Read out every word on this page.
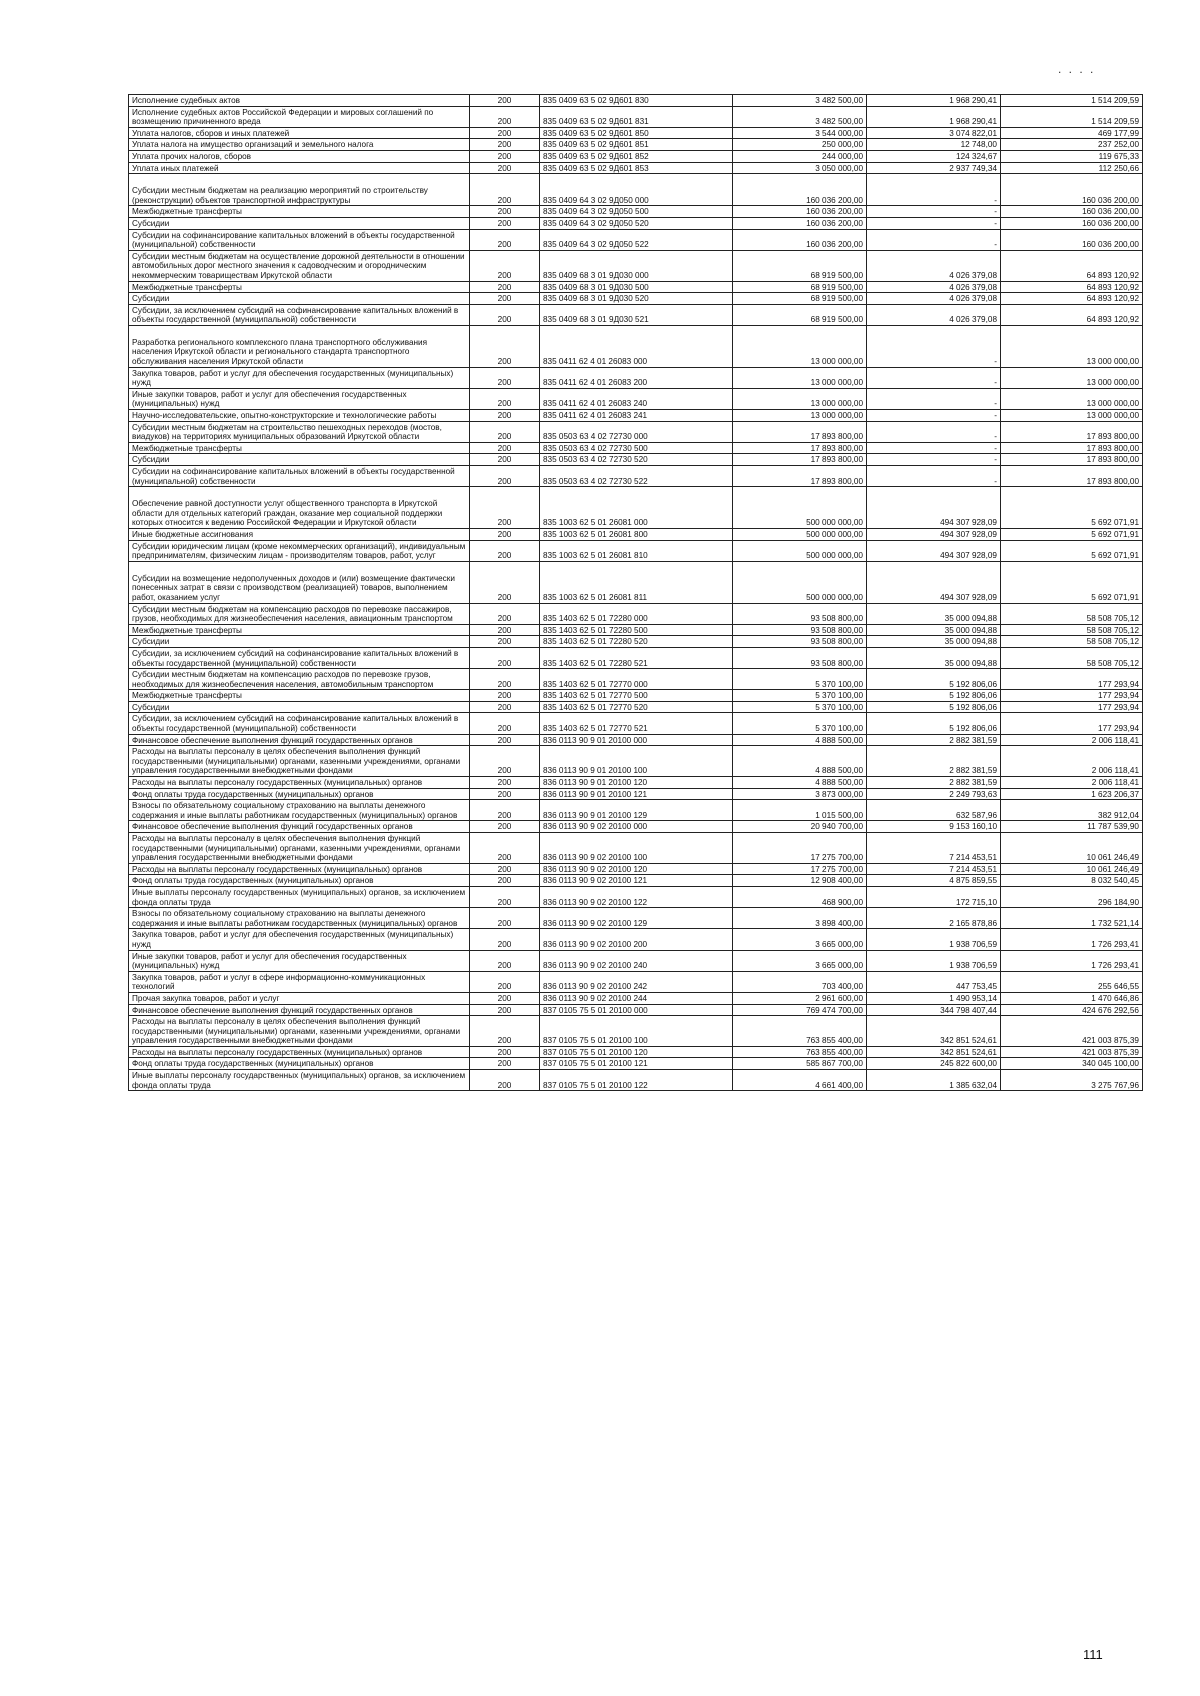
. . . .
Исполнение судебных актов	200	835 0409 63 5 02 9Д601 830	3 482 500,00	1 968 290,41	1 514 209,59
Исполнение судебных актов Российской Федерации и мировых соглашений по возмещению причиненного вреда	200	835 0409 63 5 02 9Д601 831	3 482 500,00	1 968 290,41	1 514 209,59
Уплата налогов, сборов и иных платежей	200	835 0409 63 5 02 9Д601 850	3 544 000,00	3 074 822,01	469 177,99
Уплата налога на имущество организаций и земельного налога	200	835 0409 63 5 02 9Д601 851	250 000,00	12 748,00	237 252,00
Уплата прочих налогов, сборов	200	835 0409 63 5 02 9Д601 852	244 000,00	124 324,67	119 675,33
Уплата иных платежей	200	835 0409 63 5 02 9Д601 853	3 050 000,00	2 937 749,34	112 250,66
Субсидии местным бюджетам на реализацию мероприятий по строительству (реконструкции) объектов транспортной инфраструктуры	200	835 0409 64 3 02 9Д050 000	160 036 200,00	-	160 036 200,00
Межбюджетные трансферты	200	835 0409 64 3 02 9Д050 500	160 036 200,00	-	160 036 200,00
Субсидии	200	835 0409 64 3 02 9Д050 520	160 036 200,00	-	160 036 200,00
Субсидии на софинансирование капитальных вложений в объекты государственной (муниципальной) собственности	200	835 0409 64 3 02 9Д050 522	160 036 200,00	-	160 036 200,00
Субсидии местным бюджетам на осуществление дорожной деятельности в отношении автомобильных дорог местного значения к садоводческим и огородническим некоммерческим товариществам Иркутской области	200	835 0409 68 3 01 9Д030 000	68 919 500,00	4 026 379,08	64 893 120,92
Межбюджетные трансферты	200	835 0409 68 3 01 9Д030 500	68 919 500,00	4 026 379,08	64 893 120,92
Субсидии	200	835 0409 68 3 01 9Д030 520	68 919 500,00	4 026 379,08	64 893 120,92
Субсидии, за исключением субсидий на софинансирование капитальных вложений в объекты государственной (муниципальной) собственности	200	835 0409 68 3 01 9Д030 521	68 919 500,00	4 026 379,08	64 893 120,92
Разработка регионального комплексного плана транспортного обслуживания населения Иркутской области и регионального стандарта транспортного обслуживания населения Иркутской области	200	835 0411 62 4 01 26083 000	13 000 000,00	-	13 000 000,00
Закупка товаров, работ и услуг для обеспечения государственных (муниципальных) нужд	200	835 0411 62 4 01 26083 200	13 000 000,00	-	13 000 000,00
Иные закупки товаров, работ и услуг для обеспечения государственных (муниципальных) нужд	200	835 0411 62 4 01 26083 240	13 000 000,00	-	13 000 000,00
Научно-исследовательские, опытно-конструкторские и технологические работы	200	835 0411 62 4 01 26083 241	13 000 000,00	-	13 000 000,00
Субсидии местным бюджетам на строительство пешеходных переходов (мостов, виадуков) на территориях муниципальных образований Иркутской области	200	835 0503 63 4 02 72730 000	17 893 800,00	-	17 893 800,00
Межбюджетные трансферты	200	835 0503 63 4 02 72730 500	17 893 800,00	-	17 893 800,00
Субсидии	200	835 0503 63 4 02 72730 520	17 893 800,00	-	17 893 800,00
Субсидии на софинансирование капитальных вложений в объекты государственной (муниципальной) собственности	200	835 0503 63 4 02 72730 522	17 893 800,00	-	17 893 800,00
Обеспечение равной доступности услуг общественного транспорта в Иркутской области для отдельных категорий граждан, оказание мер социальной поддержки которых относится к ведению Российской Федерации и Иркутской области	200	835 1003 62 5 01 26081 000	500 000 000,00	494 307 928,09	5 692 071,91
Иные бюджетные ассигнования	200	835 1003 62 5 01 26081 800	500 000 000,00	494 307 928,09	5 692 071,91
Субсидии юридическим лицам (кроме некоммерческих организаций), индивидуальным предпринимателям, физическим лицам - производителям товаров, работ, услуг	200	835 1003 62 5 01 26081 810	500 000 000,00	494 307 928,09	5 692 071,91
Субсидии на возмещение недополученных доходов и (или) возмещение фактически понесенных затрат в связи с производством (реализацией) товаров, выполнением работ, оказанием услуг	200	835 1003 62 5 01 26081 811	500 000 000,00	494 307 928,09	5 692 071,91
Субсидии местным бюджетам на компенсацию расходов по перевозке пассажиров, грузов, необходимых для жизнеобеспечения населения, авиационным транспортом	200	835 1403 62 5 01 72280 000	93 508 800,00	35 000 094,88	58 508 705,12
Межбюджетные трансферты	200	835 1403 62 5 01 72280 500	93 508 800,00	35 000 094,88	58 508 705,12
Субсидии	200	835 1403 62 5 01 72280 520	93 508 800,00	35 000 094,88	58 508 705,12
Субсидии, за исключением субсидий на софинансирование капитальных вложений в объекты государственной (муниципальной) собственности	200	835 1403 62 5 01 72280 521	93 508 800,00	35 000 094,88	58 508 705,12
Субсидии местным бюджетам на компенсацию расходов по перевозке грузов, необходимых для жизнеобеспечения населения, автомобильным транспортом	200	835 1403 62 5 01 72770 000	5 370 100,00	5 192 806,06	177 293,94
Межбюджетные трансферты	200	835 1403 62 5 01 72770 500	5 370 100,00	5 192 806,06	177 293,94
Субсидии	200	835 1403 62 5 01 72770 520	5 370 100,00	5 192 806,06	177 293,94
Субсидии, за исключением субсидий на софинансирование капитальных вложений в объекты государственной (муниципальной) собственности	200	835 1403 62 5 01 72770 521	5 370 100,00	5 192 806,06	177 293,94
Финансовое обеспечение выполнения функций государственных органов	200	836 0113 90 9 01 20100 000	4 888 500,00	2 882 381,59	2 006 118,41
Расходы на выплаты персоналу в целях обеспечения выполнения функций государственными (муниципальными) органами, казенными учреждениями, органами управления государственными внебюджетными фондами	200	836 0113 90 9 01 20100 100	4 888 500,00	2 882 381,59	2 006 118,41
Расходы на выплаты персоналу государственных (муниципальных) органов	200	836 0113 90 9 01 20100 120	4 888 500,00	2 882 381,59	2 006 118,41
Фонд оплаты труда государственных (муниципальных) органов	200	836 0113 90 9 01 20100 121	3 873 000,00	2 249 793,63	1 623 206,37
Взносы по обязательному социальному страхованию на выплаты денежного содержания и иные выплаты работникам государственных (муниципальных) органов	200	836 0113 90 9 01 20100 129	1 015 500,00	632 587,96	382 912,04
Финансовое обеспечение выполнения функций государственных органов	200	836 0113 90 9 02 20100 000	20 940 700,00	9 153 160,10	11 787 539,90
Расходы на выплаты персоналу в целях обеспечения выполнения функций государственными (муниципальными) органами, казенными учреждениями, органами управления государственными внебюджетными фондами	200	836 0113 90 9 02 20100 100	17 275 700,00	7 214 453,51	10 061 246,49
Расходы на выплаты персоналу государственных (муниципальных) органов	200	836 0113 90 9 02 20100 120	17 275 700,00	7 214 453,51	10 061 246,49
Фонд оплаты труда государственных (муниципальных) органов	200	836 0113 90 9 02 20100 121	12 908 400,00	4 875 859,55	8 032 540,45
Иные выплаты персоналу государственных (муниципальных) органов, за исключением фонда оплаты труда	200	836 0113 90 9 02 20100 122	468 900,00	172 715,10	296 184,90
Взносы по обязательному социальному страхованию на выплаты денежного содержания и иные выплаты работникам государственных (муниципальных) органов	200	836 0113 90 9 02 20100 129	3 898 400,00	2 165 878,86	1 732 521,14
Закупка товаров, работ и услуг для обеспечения государственных (муниципальных) нужд	200	836 0113 90 9 02 20100 200	3 665 000,00	1 938 706,59	1 726 293,41
Иные закупки товаров, работ и услуг для обеспечения государственных (муниципальных) нужд	200	836 0113 90 9 02 20100 240	3 665 000,00	1 938 706,59	1 726 293,41
Закупка товаров, работ и услуг в сфере информационно-коммуникационных технологий	200	836 0113 90 9 02 20100 242	703 400,00	447 753,45	255 646,55
Прочая закупка товаров, работ и услуг	200	836 0113 90 9 02 20100 244	2 961 600,00	1 490 953,14	1 470 646,86
Финансовое обеспечение выполнения функций государственных органов	200	837 0105 75 5 01 20100 000	769 474 700,00	344 798 407,44	424 676 292,56
Расходы на выплаты персоналу в целях обеспечения выполнения функций государственными (муниципальными) органами, казенными учреждениями, органами управления государственными внебюджетными фондами	200	837 0105 75 5 01 20100 100	763 855 400,00	342 851 524,61	421 003 875,39
Расходы на выплаты персоналу государственных (муниципальных) органов	200	837 0105 75 5 01 20100 120	763 855 400,00	342 851 524,61	421 003 875,39
Фонд оплаты труда государственных (муниципальных) органов	200	837 0105 75 5 01 20100 121	585 867 700,00	245 822 600,00	340 045 100,00
Иные выплаты персоналу государственных (муниципальных) органов, за исключением фонда оплаты труда	200	837 0105 75 5 01 20100 122	4 661 400,00	1 385 632,04	3 275 767,96
111
